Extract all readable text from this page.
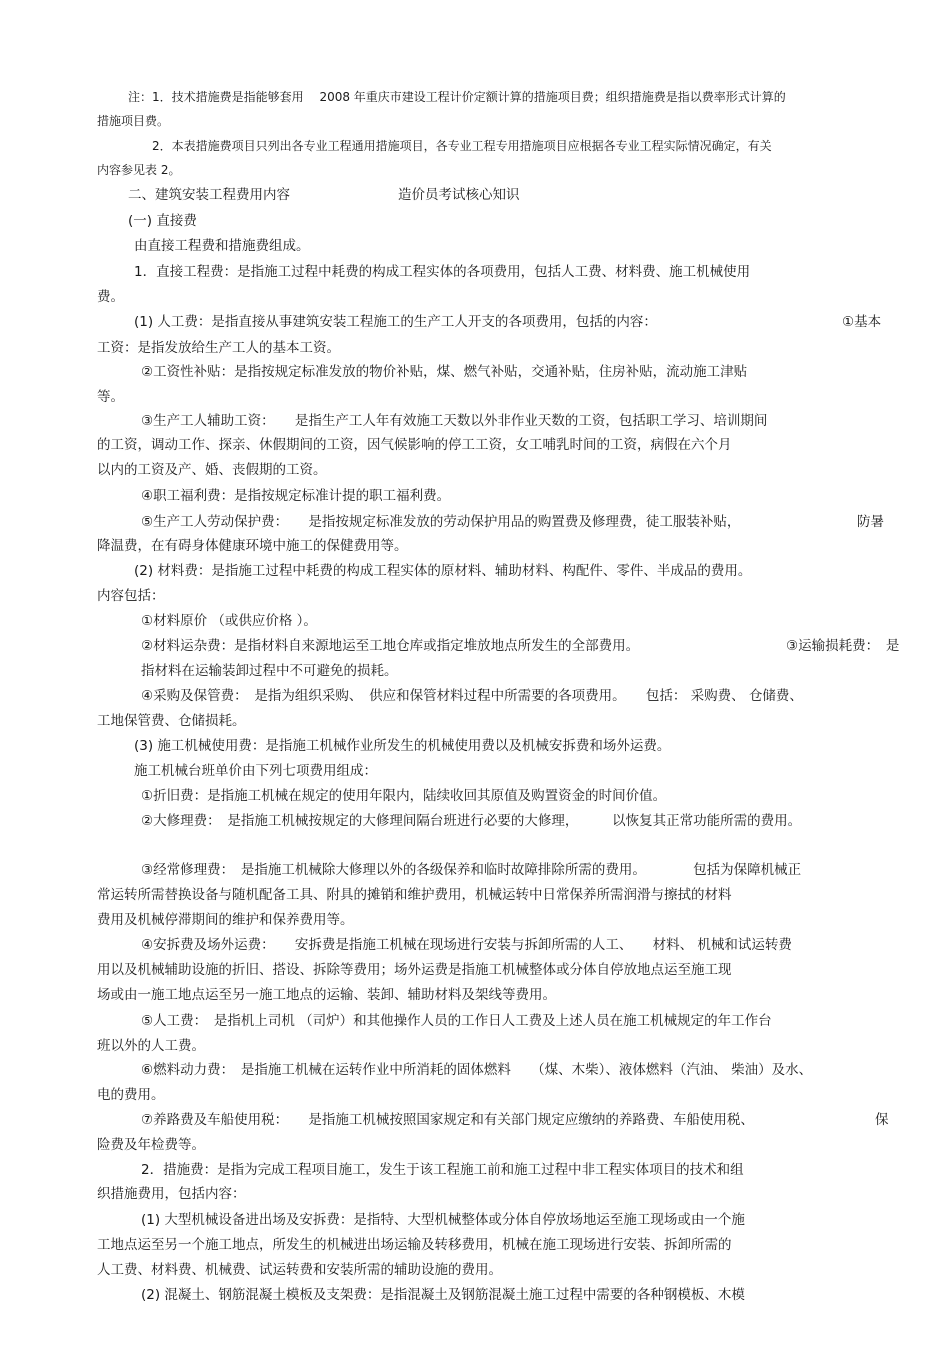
注：1．技术措施费是指能够套用 　2008 年重庆市建设工程计价定额计算的措施项目费；组织措施费是指以费率形式计算的
措施项目费。
2．本表措施费项目只列出各专业工程通用措施项目，各专业工程专用措施项目应根据各专业工程实际情况确定，有关
内容参见表 2。
二、建筑安装工程费用内容　　　　　　　　造价员考试核心知识
(一) 直接费
由直接工程费和措施费组成。
1．直接工程费：是指施工过程中耗费的构成工程实体的各项费用，包括人工费、材料费、施工机械使用
费。
(1) 人工费：是指直接从事建筑安装工程施工的生产工人开支的各项费用，包括的内容：	①基本
工资：是指发放给生产工人的基本工资。
②工资性补贴：是指按规定标准发放的物价补贴，煤、燃气补贴，交通补贴，住房补贴，流动施工津贴
等。
③生产工人辅助工资：　　是指生产工人年有效施工天数以外非作业天数的工资，包括职工学习、培训期间
的工资，调动工作、探亲、休假期间的工资，因气候影响的停工工资，女工哺乳时间的工资，病假在六个月
以内的工资及产、婚、丧假期的工资。
④职工福利费：是指按规定标准计提的职工福利费。
⑤生产工人劳动保护费：　　是指按规定标准发放的劳动保护用品的购置费及修理费，徒工服装补贴，	防暑
降温费，在有碍身体健康环境中施工的保健费用等。
(2) 材料费：是指施工过程中耗费的构成工程实体的原材料、辅助材料、构配件、零件、半成品的费用。
内容包括：
①材料原价 （或供应价格 ）。
②材料运杂费：是指材料自来源地运至工地仓库或指定堆放地点所发生的全部费用。	③运输损耗费：　是
指材料在运输装卸过程中不可避免的损耗。
④采购及保管费：　是指为组织采购、　供应和保管材料过程中所需要的各项费用。　　包括： 采购费、 仓储费、
工地保管费、仓储损耗。
(3) 施工机械使用费：是指施工机械作业所发生的机械使用费以及机械安拆费和场外运费。
施工机械台班单价由下列七项费用组成：
①折旧费：是指施工机械在规定的使用年限内，陆续收回其原值及购置资金的时间价值。
②大修理费：　是指施工机械按规定的大修理间隔台班进行必要的大修理，　　　以恢复其正常功能所需的费用。
③经常修理费：　是指施工机械除大修理以外的各级保养和临时故障排除所需的费用。　　　　包括为保障机械正
常运转所需替换设备与随机配备工具、附具的摊销和维护费用，机械运转中日常保养所需润滑与擦拭的材料
费用及机械停滞期间的维护和保养费用等。
④安拆费及场外运费：　　安拆费是指施工机械在现场进行安装与拆卸所需的人工、　　材料、 机械和试运转费
用以及机械辅助设施的折旧、搭设、拆除等费用；场外运费是指施工机械整体或分体自停放地点运至施工现
场或由一施工地点运至另一施工地点的运输、装卸、辅助材料及架线等费用。
⑤人工费：　是指机上司机 （司炉）和其他操作人员的工作日人工费及上述人员在施工机械规定的年工作台
班以外的人工费。
⑥燃料动力费：　是指施工机械在运转作业中所消耗的固体燃料　　（煤、木柴）、液体燃料（汽油、 柴油）及水、
电的费用。
⑦养路费及车船使用税：　　是指施工机械按照国家规定和有关部门规定应缴纳的养路费、车船使用税、	保
险费及年检费等。
2．措施费：是指为完成工程项目施工，发生于该工程施工前和施工过程中非工程实体项目的技术和组
织措施费用，包括内容：
(1) 大型机械设备进出场及安拆费：是指特、大型机械整体或分体自停放场地运至施工现场或由一个施
工地点运至另一个施工地点，所发生的机械进出场运输及转移费用，机械在施工现场进行安装、拆卸所需的
人工费、材料费、机械费、试运转费和安装所需的辅助设施的费用。
(2) 混凝土、钢筋混凝土模板及支架费：是指混凝土及钢筋混凝土施工过程中需要的各种钢模板、木模
